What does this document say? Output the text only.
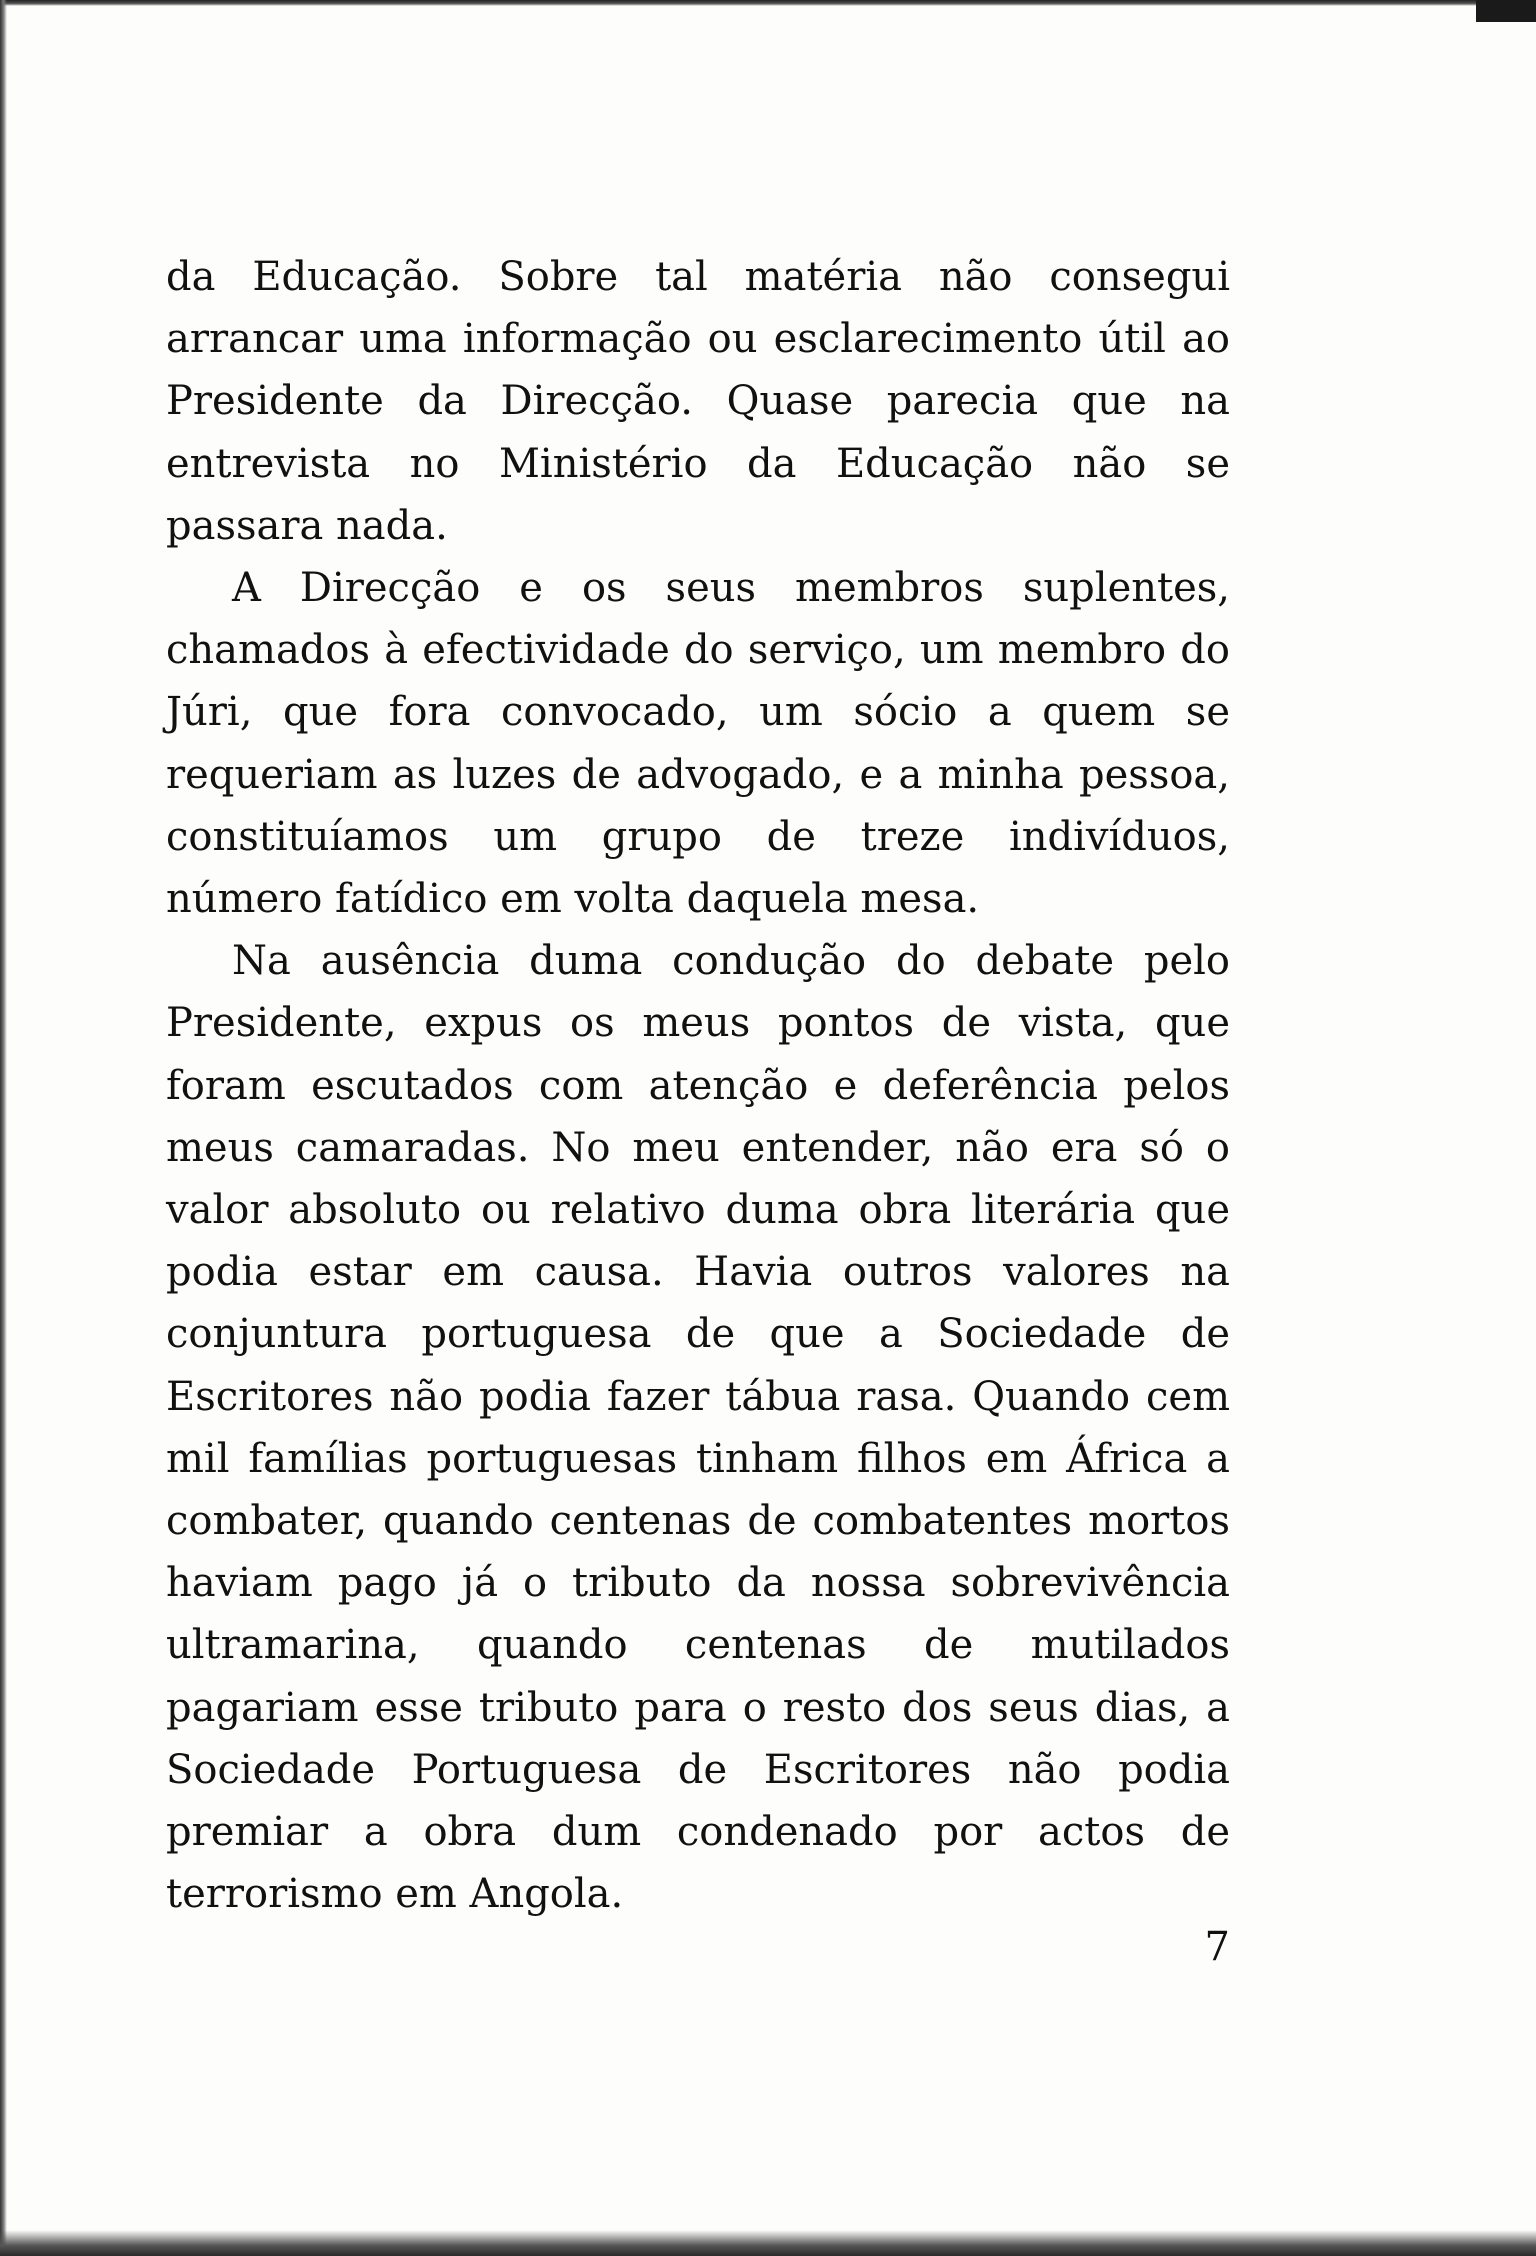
da Educação. Sobre tal matéria não consegui arrancar uma informação ou esclarecimento útil ao Presidente da Direcção. Quase parecia que na entrevista no Ministério da Educação não se passara nada.

A Direcção e os seus membros suplentes, chamados à efectividade do serviço, um membro do Júri, que fora convocado, um sócio a quem se requeriam as luzes de advogado, e a minha pessoa, constituíamos um grupo de treze indivíduos, número fatídico em volta daquela mesa.

Na ausência duma condução do debate pelo Presidente, expus os meus pontos de vista, que foram escutados com atenção e deferência pelos meus camaradas. No meu entender, não era só o valor absoluto ou relativo duma obra literária que podia estar em causa. Havia outros valores na conjuntura portuguesa de que a Sociedade de Escritores não podia fazer tábua rasa. Quando cem mil famílias portuguesas tinham filhos em África a combater, quando centenas de combatentes mortos haviam pago já o tributo da nossa sobrevivência ultramarina, quando centenas de mutilados pagariam esse tributo para o resto dos seus dias, a Sociedade Portuguesa de Escritores não podia premiar a obra dum condenado por actos de terrorismo em Angola.

7
